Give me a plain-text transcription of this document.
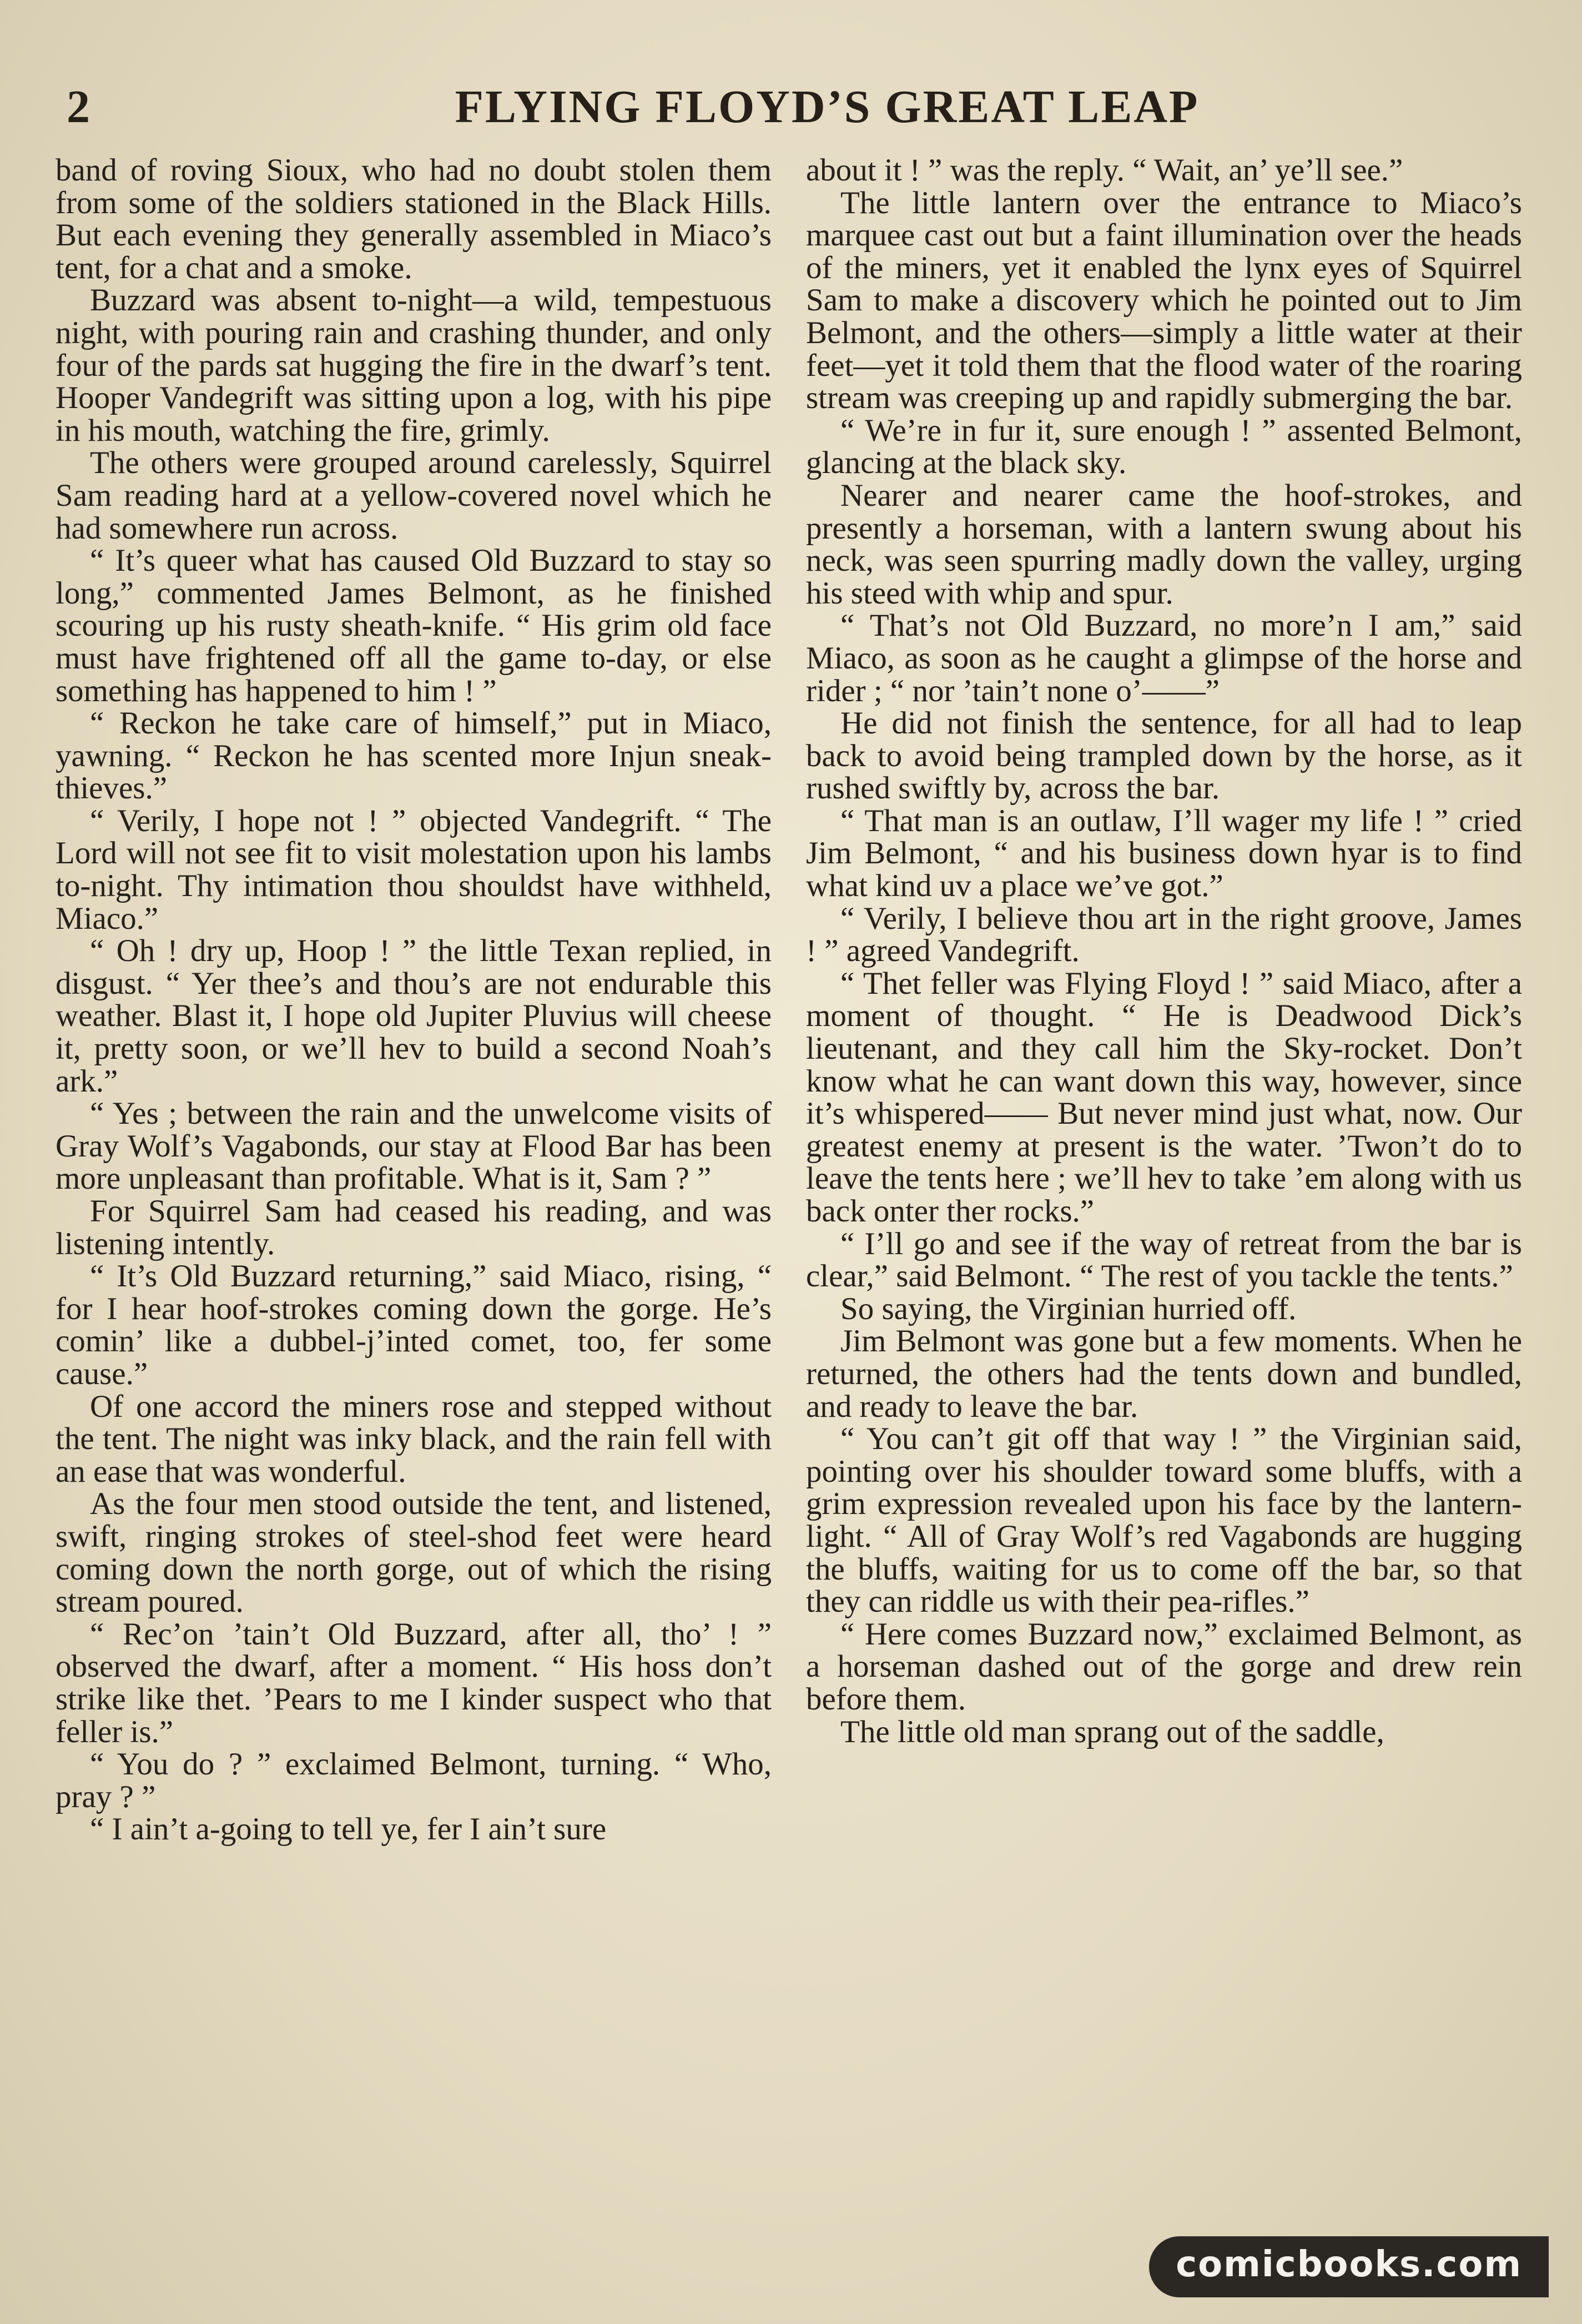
2	FLYING FLOYD’S GREAT LEAP

band of roving Sioux, who had no doubt stolen them from some of the soldiers stationed in the Black Hills. But each evening they generally assembled in Miaco’s tent, for a chat and a smoke.

Buzzard was absent to-night—a wild, tempestuous night, with pouring rain and crashing thunder, and only four of the pards sat hugging the fire in the dwarf’s tent. Hooper Vandegrift was sitting upon a log, with his pipe in his mouth, watching the fire, grimly.

The others were grouped around carelessly, Squirrel Sam reading hard at a yellow-covered novel which he had somewhere run across.

“ It’s queer what has caused Old Buzzard to stay so long,” commented James Belmont, as he finished scouring up his rusty sheath-knife. “ His grim old face must have frightened off all the game to-day, or else something has happened to him ! ”

“ Reckon he take care of himself,” put in Miaco, yawning. “ Reckon he has scented more Injun sneak-thieves.”

“ Verily, I hope not ! ” objected Vandegrift. “ The Lord will not see fit to visit molestation upon his lambs to-night. Thy intimation thou shouldst have withheld, Miaco.”

“ Oh ! dry up, Hoop ! ” the little Texan replied, in disgust. “ Yer thee’s and thou’s are not endurable this weather. Blast it, I hope old Jupiter Pluvius will cheese it, pretty soon, or we’ll hev to build a second Noah’s ark.”

“ Yes ; between the rain and the unwelcome visits of Gray Wolf’s Vagabonds, our stay at Flood Bar has been more unpleasant than profitable. What is it, Sam ? ”

For Squirrel Sam had ceased his reading, and was listening intently.

“ It’s Old Buzzard returning,” said Miaco, rising, “ for I hear hoof-strokes coming down the gorge. He’s comin’ like a dubbel-j’inted comet, too, fer some cause.”

Of one accord the miners rose and stepped without the tent. The night was inky black, and the rain fell with an ease that was wonderful.

As the four men stood outside the tent, and listened, swift, ringing strokes of steel-shod feet were heard coming down the north gorge, out of which the rising stream poured.

“ Rec’on ’tain’t Old Buzzard, after all, tho’ ! ” observed the dwarf, after a moment. “ His hoss don’t strike like thet. ’Pears to me I kinder suspect who that feller is.”

“ You do ? ” exclaimed Belmont, turning. “ Who, pray ? ”

“ I ain’t a-going to tell ye, fer I ain’t sure

about it ! ” was the reply. “ Wait, an’ ye’ll see.”

The little lantern over the entrance to Miaco’s marquee cast out but a faint illumination over the heads of the miners, yet it enabled the lynx eyes of Squirrel Sam to make a discovery which he pointed out to Jim Belmont, and the others—simply a little water at their feet—yet it told them that the flood water of the roaring stream was creeping up and rapidly submerging the bar.

“ We’re in fur it, sure enough ! ” assented Belmont, glancing at the black sky.

Nearer and nearer came the hoof-strokes, and presently a horseman, with a lantern swung about his neck, was seen spurring madly down the valley, urging his steed with whip and spur.

“ That’s not Old Buzzard, no more’n I am,” said Miaco, as soon as he caught a glimpse of the horse and rider ; “ nor ’tain’t none o’——”

He did not finish the sentence, for all had to leap back to avoid being trampled down by the horse, as it rushed swiftly by, across the bar.

“ That man is an outlaw, I’ll wager my life ! ” cried Jim Belmont, “ and his business down hyar is to find what kind uv a place we’ve got.”

“ Verily, I believe thou art in the right groove, James ! ” agreed Vandegrift.

“ Thet feller was Flying Floyd ! ” said Miaco, after a moment of thought. “ He is Deadwood Dick’s lieutenant, and they call him the Sky-rocket. Don’t know what he can want down this way, however, since it’s whispered—— But never mind just what, now. Our greatest enemy at present is the water. ’Twon’t do to leave the tents here ; we’ll hev to take ’em along with us back onter ther rocks.”

“ I’ll go and see if the way of retreat from the bar is clear,” said Belmont. “ The rest of you tackle the tents.”

So saying, the Virginian hurried off.

Jim Belmont was gone but a few moments. When he returned, the others had the tents down and bundled, and ready to leave the bar.

“ You can’t git off that way ! ” the Virginian said, pointing over his shoulder toward some bluffs, with a grim expression revealed upon his face by the lantern-light. “ All of Gray Wolf’s red Vagabonds are hugging the bluffs, waiting for us to come off the bar, so that they can riddle us with their pea-rifles.”

“ Here comes Buzzard now,” exclaimed Belmont, as a horseman dashed out of the gorge and drew rein before them.

The little old man sprang out of the saddle,

comicbooks.com
